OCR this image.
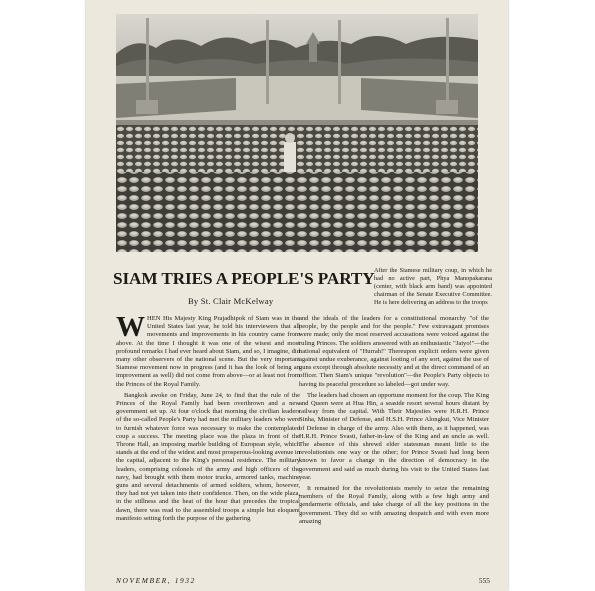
SIAM TRIES A PEOPLE'S PARTY
By St. Clair McKelway
After the Siamese military coup, in which he had no active part, Phya Manopakarana (center, with black arm band) was appointed chairman of the Senate Executive Committee. He is here delivering an address to the troops

WHEN His Majesty King Prajadhipok of Siam was in the United States last year, he told his interviewers that all movements and improvements in his country came from above. At the time I thought it was one of the wisest and most profound remarks I had ever heard about Siam, and so, I imagine, did many other observers of the national scene. But the very important Siamese movement now in progress (and it has the look of being an improvement as well) did not come from above—or at least not from the Princes of the Royal Family.

Bangkok awoke on Friday, June 24, to find that the rule of the Princes of the Royal Family had been overthrown and a new government set up. At four o'clock that morning the civilian leaders of the so-called People's Party had met the military leaders who were to furnish whatever force was necessary to make the contemplated coup a success. The meeting place was the plaza in front of the Throne Hall, an imposing marble building of European style, which stands at the end of the widest and most prosperous-looking avenue in the capital, adjacent to the King's personal residence. The military leaders, comprising colonels of the army and high officers of the navy, had brought with them motor trucks, armored tanks, machine guns and several detachments of armed soldiers, whom, however, they had not yet taken into their confidence. Then, on the wide plaza, in the stillness and the heat of the hour that precedes the tropical dawn, there was read to the assembled troops a simple but eloquent manifesto setting forth the purpose of the gathering

and the ideals of the leaders for a constitutional monarchy "of the people, by the people and for the people." Few extravagant promises were made; only the most reserved accusations were voiced against the ruling Princes. The soldiers answered with an enthusiastic "Jaiyo!"—the national equivalent of "Hurrah!" Thereupon explicit orders were given against undue exuberance, against looting of any sort, against the use of guns except through absolute necessity and at the direct command of an officer. Then Siam's unique "revolution"—the People's Party objects to having its peaceful procedure so labeled—got under way.

The leaders had chosen an opportune moment for the coup. The King and Queen were at Hua Hin, a seaside resort several hours distant by railway from the capital. With Their Majesties were H.R.H. Prince Sinha, Minister of Defense, and H.S.H. Prince Alongkut, Vice Minister of Defense in charge of the army. Also with them, as it happened, was H.R.H. Prince Svasti, father-in-law of the King and an uncle as well. The absence of this shrewd elder statesman meant little to the revolutionists one way or the other; for Prince Svasti had long been known to favor a change in the direction of democracy in the government and said as much during his visit to the United States last year.

It remained for the revolutionists merely to seize the remaining members of the Royal Family, along with a few high army and gendarmerie officials, and take charge of all the key positions in the government. They did so with amazing despatch and with even more amazing

NOVEMBER, 1932	555
